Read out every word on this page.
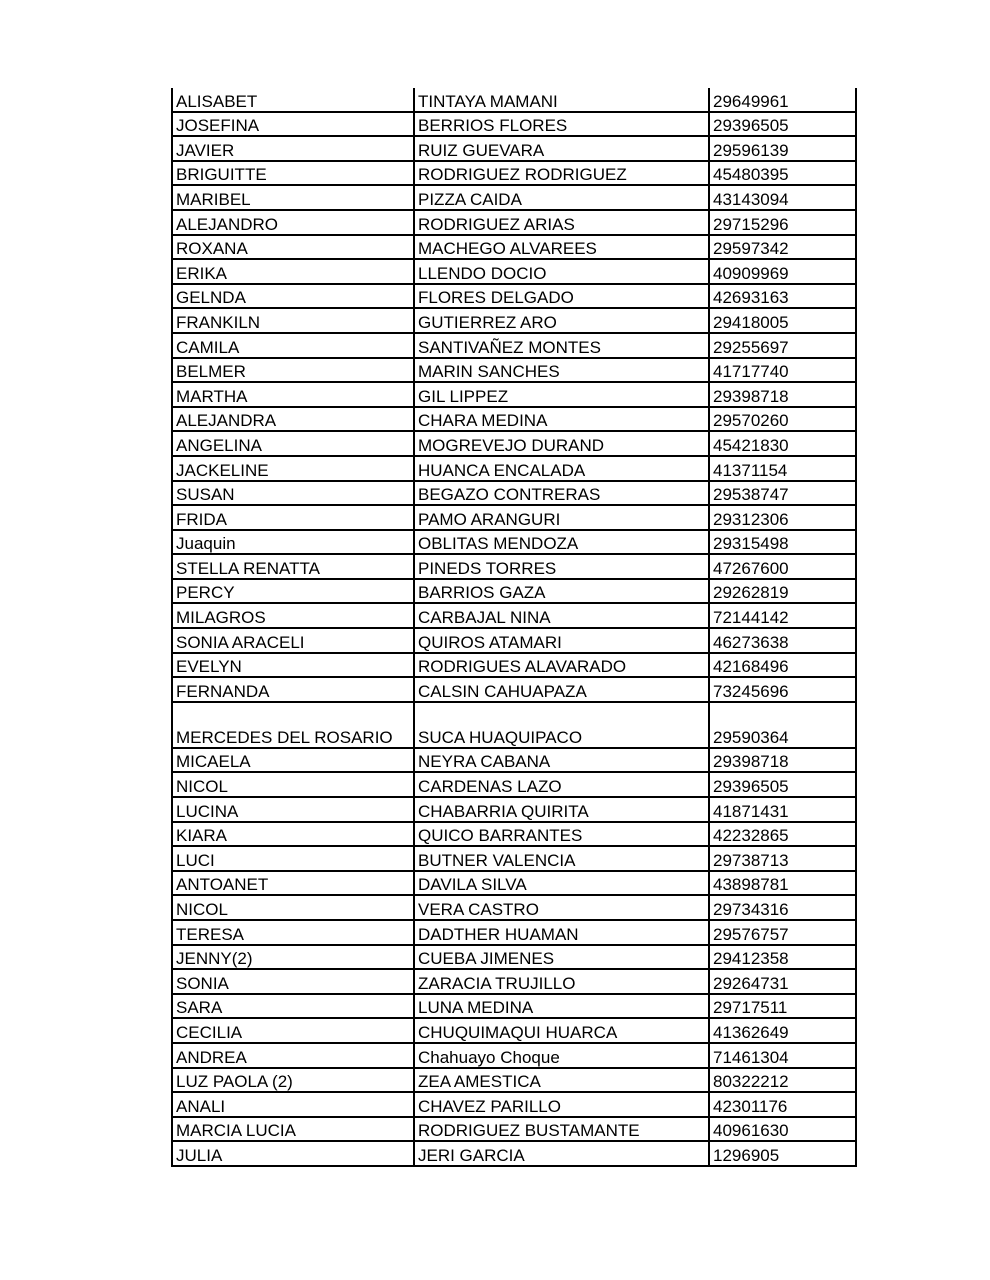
ALISABET	TINTAYA MAMANI	29649961
JOSEFINA	BERRIOS FLORES	29396505
JAVIER	RUIZ GUEVARA	29596139
BRIGUITTE	RODRIGUEZ RODRIGUEZ	45480395
MARIBEL	PIZZA CAIDA	43143094
ALEJANDRO	RODRIGUEZ ARIAS	29715296
ROXANA	MACHEGO ALVAREES	29597342
ERIKA	LLENDO DOCIO	40909969
GELNDA	FLORES DELGADO	42693163
FRANKILN	GUTIERREZ ARO	29418005
CAMILA	SANTIVAÑEZ MONTES	29255697
BELMER	MARIN SANCHES	41717740
MARTHA	GIL LIPPEZ	29398718
ALEJANDRA	CHARA MEDINA	29570260
ANGELINA	MOGREVEJO DURAND	45421830
JACKELINE	HUANCA ENCALADA	41371154
SUSAN	BEGAZO CONTRERAS	29538747
FRIDA	PAMO ARANGURI	29312306
Juaquin	OBLITAS MENDOZA	29315498
STELLA RENATTA	PINEDS TORRES	47267600
PERCY	BARRIOS GAZA	29262819
MILAGROS	CARBAJAL NINA	72144142
SONIA ARACELI	QUIROS ATAMARI	46273638
EVELYN	RODRIGUES ALAVARADO	42168496
FERNANDA	CALSIN CAHUAPAZA	73245696
MERCEDES DEL ROSARIO	SUCA HUAQUIPACO	29590364
MICAELA	NEYRA CABANA	29398718
NICOL	CARDENAS LAZO	29396505
LUCINA	CHABARRIA QUIRITA	41871431
KIARA	QUICO BARRANTES	42232865
LUCI	BUTNER VALENCIA	29738713
ANTOANET	DAVILA SILVA	43898781
NICOL	VERA CASTRO	29734316
TERESA	DADTHER HUAMAN	29576757
JENNY(2)	CUEBA JIMENES	29412358
SONIA	ZARACIA TRUJILLO	29264731
SARA	LUNA MEDINA	29717511
CECILIA	CHUQUIMAQUI HUARCA	41362649
ANDREA	Chahuayo Choque	71461304
LUZ PAOLA (2)	ZEA AMESTICA	80322212
ANALI	CHAVEZ PARILLO	42301176
MARCIA LUCIA	RODRIGUEZ BUSTAMANTE	40961630
JULIA	JERI GARCIA	1296905
